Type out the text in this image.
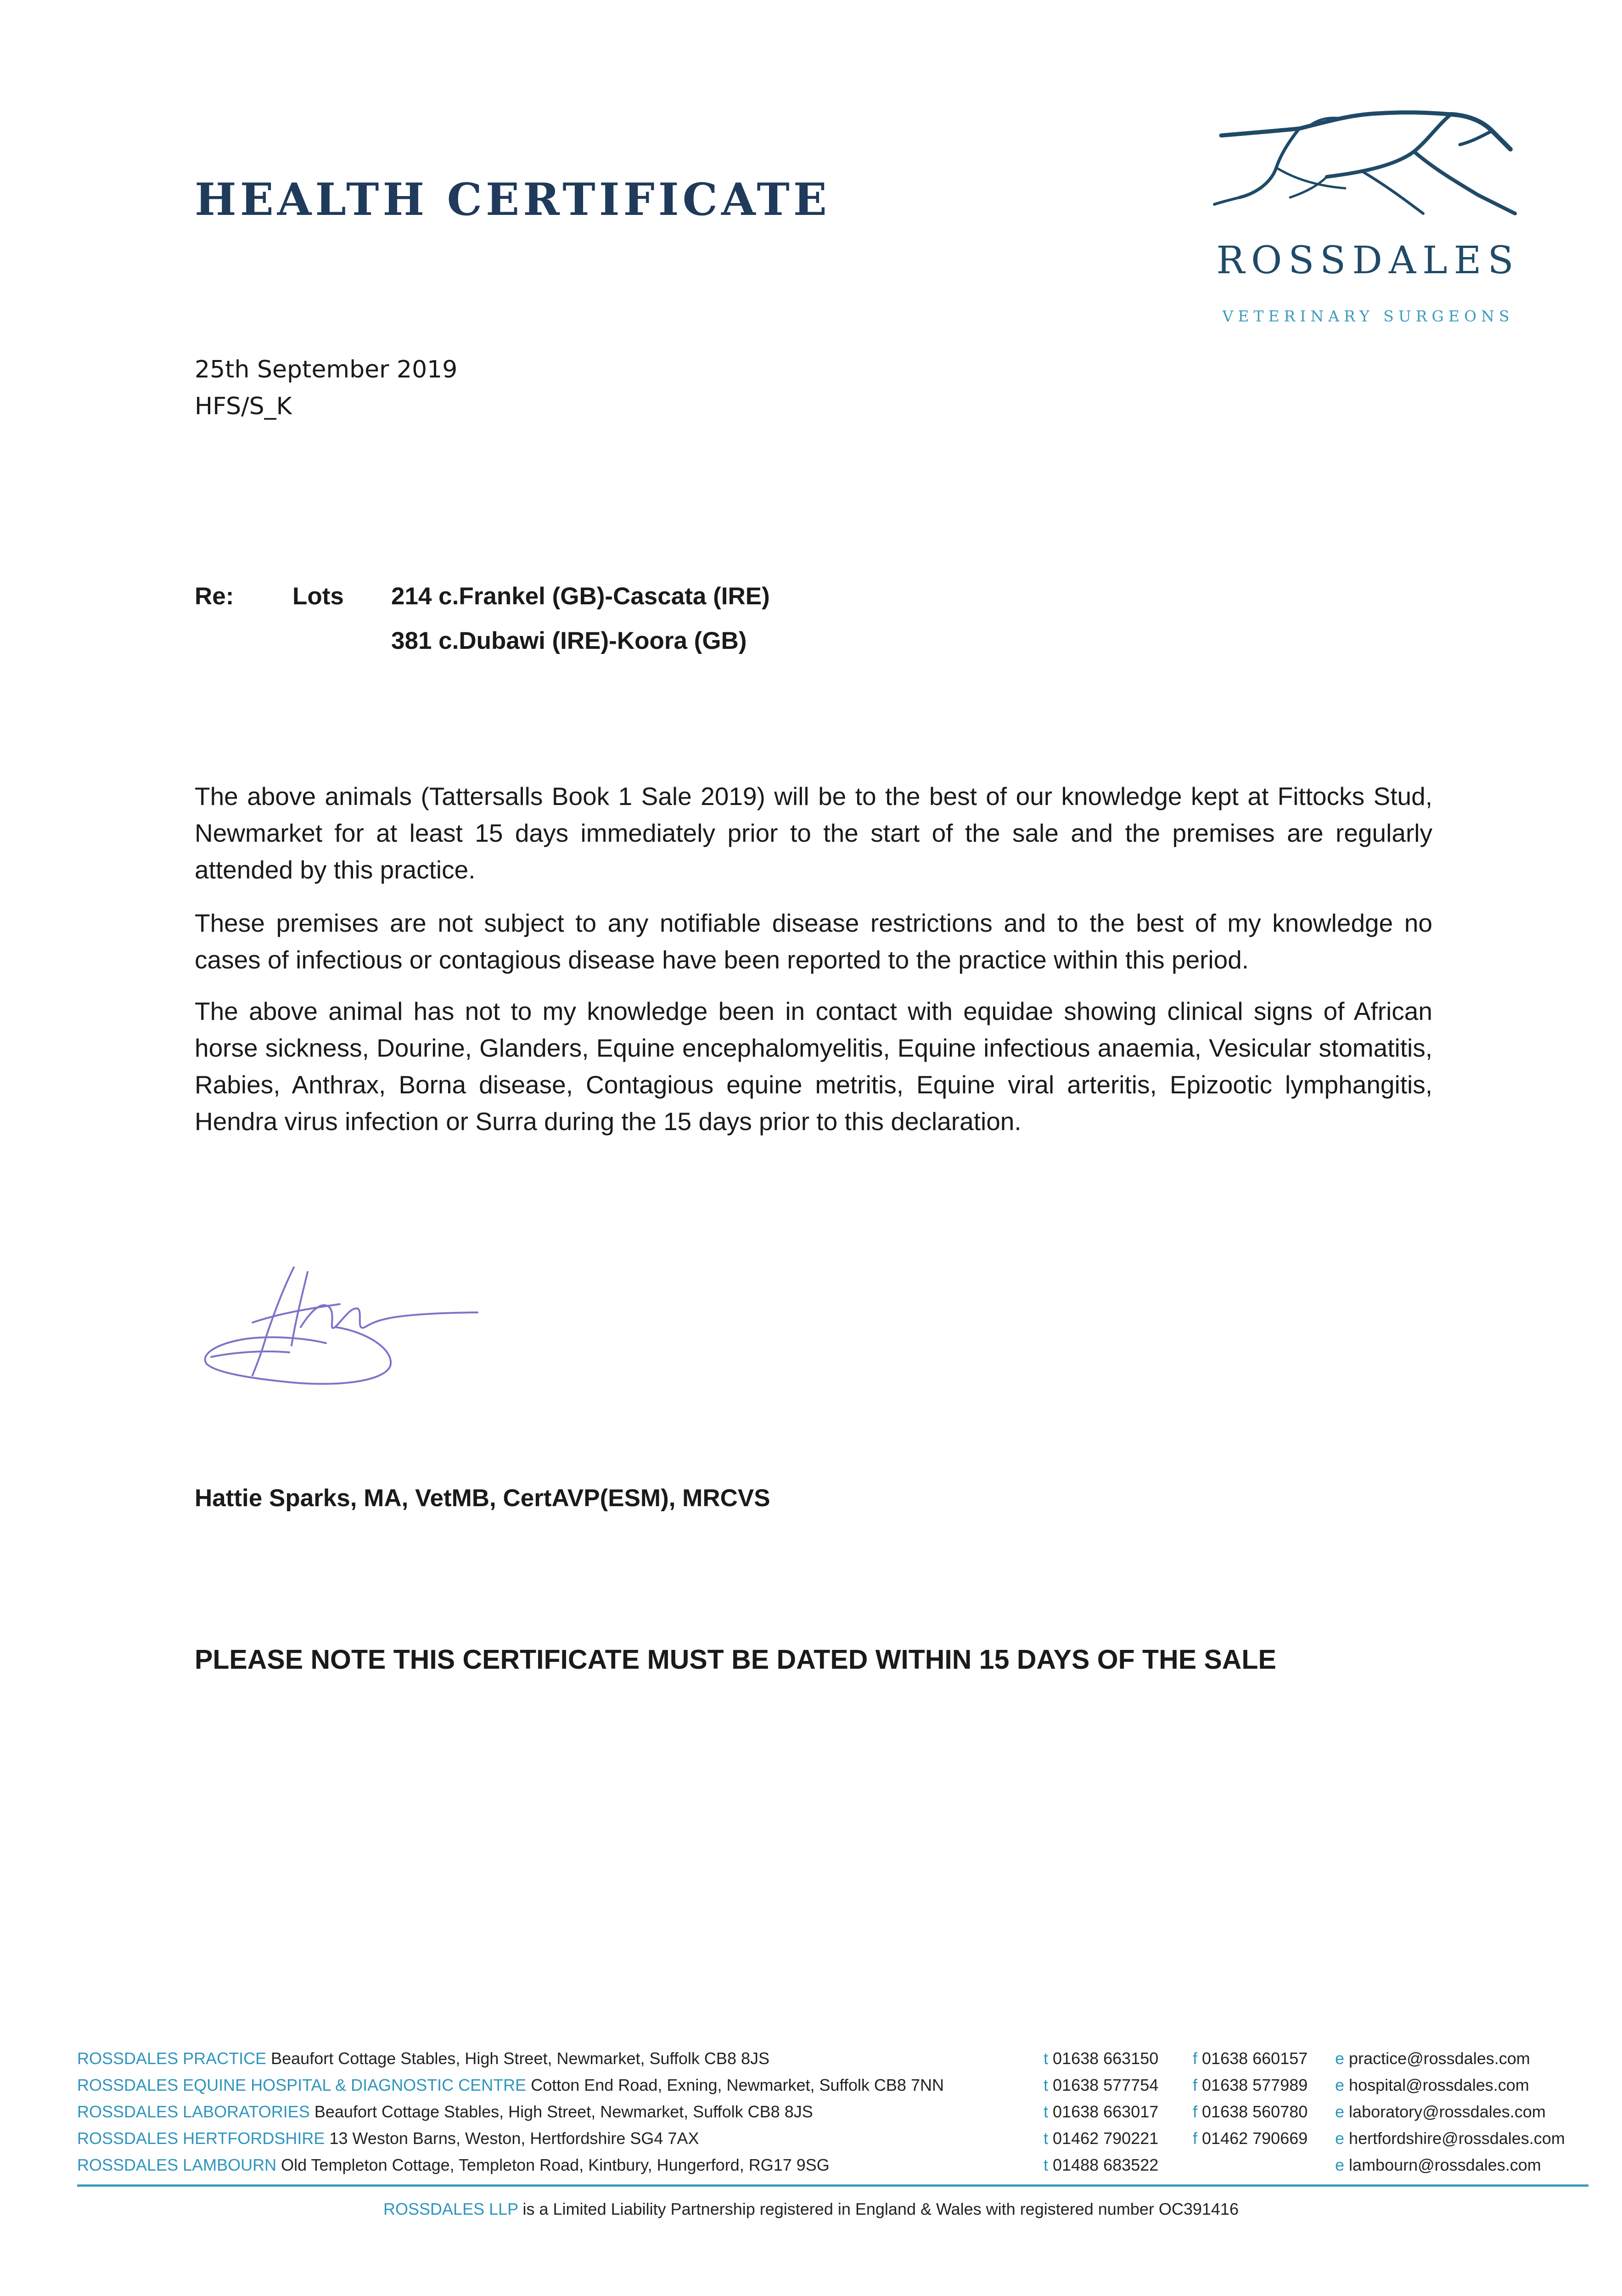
HEALTH CERTIFICATE
ROSSDALES
VETERINARY SURGEONS
25th September 2019
HFS/S_K
Re: Lots 214 c.Frankel (GB)-Cascata (IRE)
381 c.Dubawi (IRE)-Koora (GB)

The above animals (Tattersalls Book 1 Sale 2019) will be to the best of our knowledge kept at Fittocks Stud, Newmarket for at least 15 days immediately prior to the start of the sale and the premises are regularly attended by this practice.

These premises are not subject to any notifiable disease restrictions and to the best of my knowledge no cases of infectious or contagious disease have been reported to the practice within this period.

The above animal has not to my knowledge been in contact with equidae showing clinical signs of African horse sickness, Dourine, Glanders, Equine encephalomyelitis, Equine infectious anaemia, Vesicular stomatitis, Rabies, Anthrax, Borna disease, Contagious equine metritis, Equine viral arteritis, Epizootic lymphangitis, Hendra virus infection or Surra during the 15 days prior to this declaration.

Hattie Sparks, MA, VetMB, CertAVP(ESM), MRCVS
PLEASE NOTE THIS CERTIFICATE MUST BE DATED WITHIN 15 DAYS OF THE SALE
ROSSDALES PRACTICE Beaufort Cottage Stables, High Street, Newmarket, Suffolk CB8 8JS	t 01638 663150 f 01638 660157 e practice@rossdales.com
ROSSDALES EQUINE HOSPITAL & DIAGNOSTIC CENTRE Cotton End Road, Exning, Newmarket, Suffolk CB8 7NN	t 01638 577754 f 01638 577989 e hospital@rossdales.com
ROSSDALES LABORATORIES Beaufort Cottage Stables, High Street, Newmarket, Suffolk CB8 8JS	t 01638 663017 f 01638 560780 e laboratory@rossdales.com
ROSSDALES HERTFORDSHIRE 13 Weston Barns, Weston, Hertfordshire SG4 7AX	t 01462 790221 f 01462 790669 e hertfordshire@rossdales.com
ROSSDALES LAMBOURN Old Templeton Cottage, Templeton Road, Kintbury, Hungerford, RG17 9SG	t 01488 683522	e lambourn@rossdales.com
ROSSDALES LLP is a Limited Liability Partnership registered in England & Wales with registered number OC391416
